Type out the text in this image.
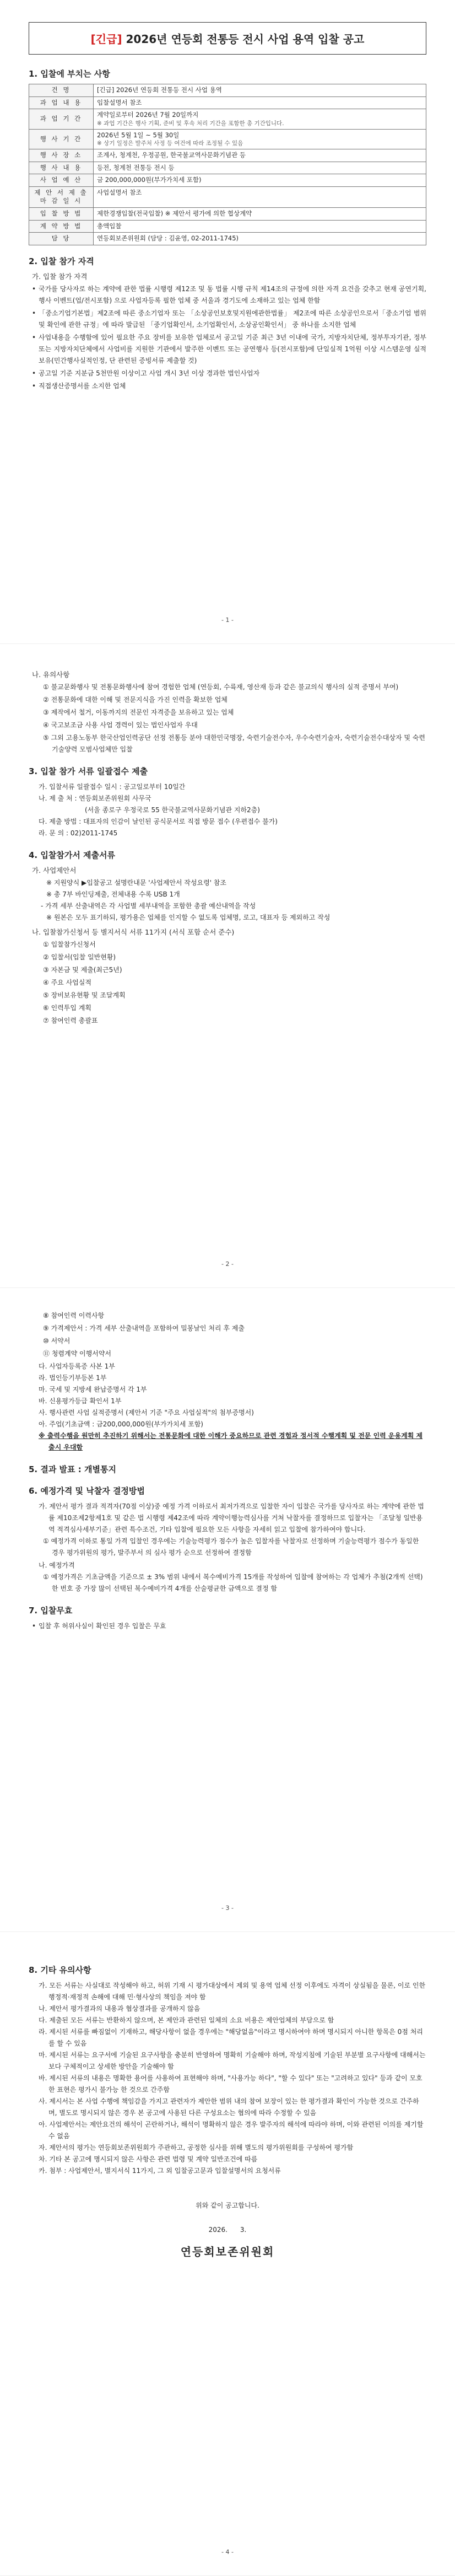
[긴급] 2026년 연등회 전통등 전시 사업 용역 입찰 공고
1. 입찰에 부치는 사항
건 명	[긴급] 2026년 연등회 전통등 전시 사업 용역

과 업 내 용	입찰설명서 참조

과 업 기 간	계약일로부터 2026년 7월 20일까지
※ 과업 기간은 행사 기획, 준비 및 후속 처리 기간을 포함한 총 기간입니다.

행 사 기 간	2026년 5월 1일 ~ 5월 30일
※ 상기 일정은 발주처 사정 등 여건에 따라 조정될 수 있음

행 사 장 소	조계사, 청계천, 우정공원, 한국불교역사문화기념관 등

행 사 내 용	등전, 청계천 전통등 전시 등

사 업 예 산	금 200,000,000원(부가가치세 포함)

제 안 서 제 출 마 감 일 시	사업설명서 참조

입 찰 방 법	제한경쟁입찰(전국입찰) ※ 제안서 평가에 의한 협상계약

계 약 방 법	총액입찰

담 당	연등회보존위원회 (담당 : 김윤영, 02-2011-1745)
2. 입찰 참가 자격
가. 입찰 참가 자격
• 국가를 당사자로 하는 계약에 관한 법률 시행령 제12조 및 동 법률 시행 규칙 제14조의 규정에 의한 자격 요건을 갖추고 현재 공연기획, 행사 이벤트(업/전시포함) 으로 사업자등록 필한 업체 중 서울과 경기도에 소재하고 있는 업체 한함
• 「중소기업기본법」제2조에 따른 중소기업자 또는 「소상공인보호및지원에관한법률」 제2조에 따른 소상공인으로서「중소기업 범위 및 확인에 관한 규정」에 따라 발급된 「중기업확인서, 소기업확인서, 소상공인확인서」 중 하나를 소지한 업체
• 사업내용을 수행함에 있어 필요한 주요 장비를 보유한 업체로서 공고일 기준 최근 3년 이내에 국가, 지방자치단체, 정부투자기관, 정부 또는 지방자치단체에서 사업비를 지원한 기관에서 발주한 이벤트 또는 공연행사 등(전시포함)에 단일실적 1억원 이상 시스템운영 실적보유(민간행사실적인정, 단 관련된 증빙서류 제출할 것)
• 공고일 기준 지분금 5천만원 이상이고 사업 개시 3년 이상 경과한 법인사업자
• 직접생산증명서를 소지한 업체
- 1 -
나. 유의사항
① 불교문화행사 및 전통문화행사에 참여 경험한 업체 (연등회, 수륙재, 영산재 등과 같은 불교의식 행사의 실적 증명서 부여)
② 전통문화에 대한 이해 및 전문지식을 가진 인력을 확보한 업체
③ 제작에서 철거, 이동까지의 전문인 자격증을 보유하고 있는 업체
④ 국고보조금 사용 사업 경력이 있는 법인사업자 우대
⑤ 그외 고용노동부 한국산업인력공단 선정 전통등 분야 대한민국명장, 숙련기술전수자, 우수숙련기술자, 숙련기술전수대상자 및 숙련기술양력 모범사업체만 입찰
3. 입찰 참가 서류 일괄접수 제출
가. 입찰서류 일괄접수 일시 : 공고일로부터 10일간
나. 제 출 처 : 연등회보존위원회 사무국
(서울 종로구 우정국로 55 한국불교역사문화기념관 지하2층)
다. 제출 방법 : 대표자의 인감이 날인된 공식문서로 직접 방문 접수 (우편접수 불가)
라. 문 의 : 02)2011-1745
4. 입찰참가서 제출서류
가. 사업제안서
※ 지원양식 ▶입찰공고 설명란내문 '사업제안서 작성요령' 참조
※ 총 7부 바인딩제출, 전체내용 수록 USB 1개
- 가격 세부 산출내역은 각 사업별 세부내역을 포함한 총괄 예산내역을 작성
※ 원본은 모두 표기하되, 평가용은 업체를 인지할 수 없도록 업체명, 로고, 대표자 등 제외하고 작성
나. 입찰참가신청서 등 별지서식 서류 11가지 (서식 포함 순서 준수)
① 입찰참가신청서
② 입찰서(입찰 일반현황)
③ 자본금 및 제출(최근5년)
④ 주요 사업실적
⑤ 장비보유현황 및 조달계획
⑥ 인력투입 계획
⑦ 참여인력 총괄표
- 2 -
⑧ 참여인력 이력사항
⑨ 가격제안서 : 가격 세부 산출내역을 포함하여 밀봉날인 처리 후 제출
⑩ 서약서
⑪ 청렴계약 이행서약서
다. 사업자등록증 사본 1부
라. 법인등기부등본 1부
마. 국세 및 지방세 완납증명서 각 1부
바. 신용평가등급 확인서 1부
사. 행사관련 사업 실적증명서 (제안서 기준 "주요 사업실적"의 첨부증명서)
아. 주업(기초금액 : 금200,000,000원(부가가치세 포함)
※ 출력수행을 원만히 추진하기 위해서는 전통문화에 대한 이해가 중요하므로 관련 경험과 정서적 수행계획 및 전문 인력 운용계획 제출시 우대함
5. 결과 발표 : 개별통지
6. 예정가격 및 낙찰자 결정방법
가. 제안서 평가 결과 적격자(70점 이상)중 예정 가격 이하로서 최저가격으로 입찰한 자이 입찰은 국가를 당사자로 하는 계약에 관한 법률 제10조제2항제1호 및 같은 법 시행령 제42조에 따라 계약이행능력심사를 거쳐 낙찰자를 결정하므로 입찰자는 「조달청 일반용역 적격심사세부기준」관련 특수조건, 기타 입찰에 필요한 모든 사항을 자세히 읽고 입찰에 참가하여야 합니다.
① 예정가격 이하로 통일 가격 입찰인 경우에는 기술능력평가 점수가 높은 입찰자를 낙찰자로 선정하며 기술능력평가 점수가 동일한 경우 평가위원의 평가, 발주부서 의 심사 평가 순으로 선정하여 결정함
나. 예정가격
① 예정가격은 기초금액을 기준으로 ± 3% 범위 내에서 복수예비가격 15개를 작성하여 입찰에 참여하는 각 업체가 추첨(2개씩 선택)한 번호 중 가장 많이 선택된 복수예비가격 4개를 산술평균한 금액으로 결정 함
7. 입찰무효
• 입찰 후 허위사실이 확인된 경우 입찰은 무효
- 3 -
8. 기타 유의사항
가. 모든 서류는 사실대로 작성해야 하고, 허위 기재 시 평가대상에서 제외 및 용역 업체 선정 이후에도 자격이 상실됨을 물론, 이로 인한 행정적·재정적 손해에 대해 민·형사상의 책임을 져야 함
나. 제안서 평가결과의 내용과 협상결과를 공개하지 않음
다. 제출된 모든 서류는 반환하지 않으며, 본 제안과 관련된 일체의 소요 비용은 제안업체의 부담으로 함
라. 제시된 서류를 빠짐없이 기재하고, 해당사항이 없을 경우에는 "해당없음"이라고 명시하여야 하며 명시되지 아니한 항목은 0점 처리를 할 수 있음
마. 제시된 서류는 요구서에 기술된 요구사항을 충분히 반영하여 명확히 기술해야 하며, 작성지침에 기술된 부분별 요구사항에 대해서는 보다 구체적이고 상세한 방안을 기술해야 함
바. 제시된 서류의 내용은 명확한 용어를 사용하여 표현해야 하며, "사용가능 하다", "할 수 있다" 또는 "고려하고 있다" 등과 같이 모호한 표현은 평가시 불가능 한 것으로 간주함
사. 제시서는 본 사업 수행에 책임감을 가지고 관련자가 제안한 범위 내의 참여 보장이 있는 한 평가결과 확인이 가능한 것으로 간주하며, 별도로 명시되지 않은 경우 본 공고에 사용된 다른 구성요소는 협의에 따라 수정할 수 있음
아. 사업제안서는 제안요건의 해석이 곤란하거나, 해석이 명확하지 않은 경우 발주자의 해석에 따라야 하며, 이와 관련된 이의를 제기할 수 없음
자. 제안서의 평가는 연등회보존위원회가 주관하고, 공정한 심사를 위해 별도의 평가위원회를 구성하여 평가함
차. 기타 본 공고에 명시되지 않은 사항은 관련 법령 및 계약 일반조건에 따름
카. 첨부 : 사업제안서, 별지서식 11가지, 그 외 입찰공고문과 입찰설명서의 요청서류
위와 같이 공고합니다.
2026.      3.
연등회보존위원회
- 4 -
